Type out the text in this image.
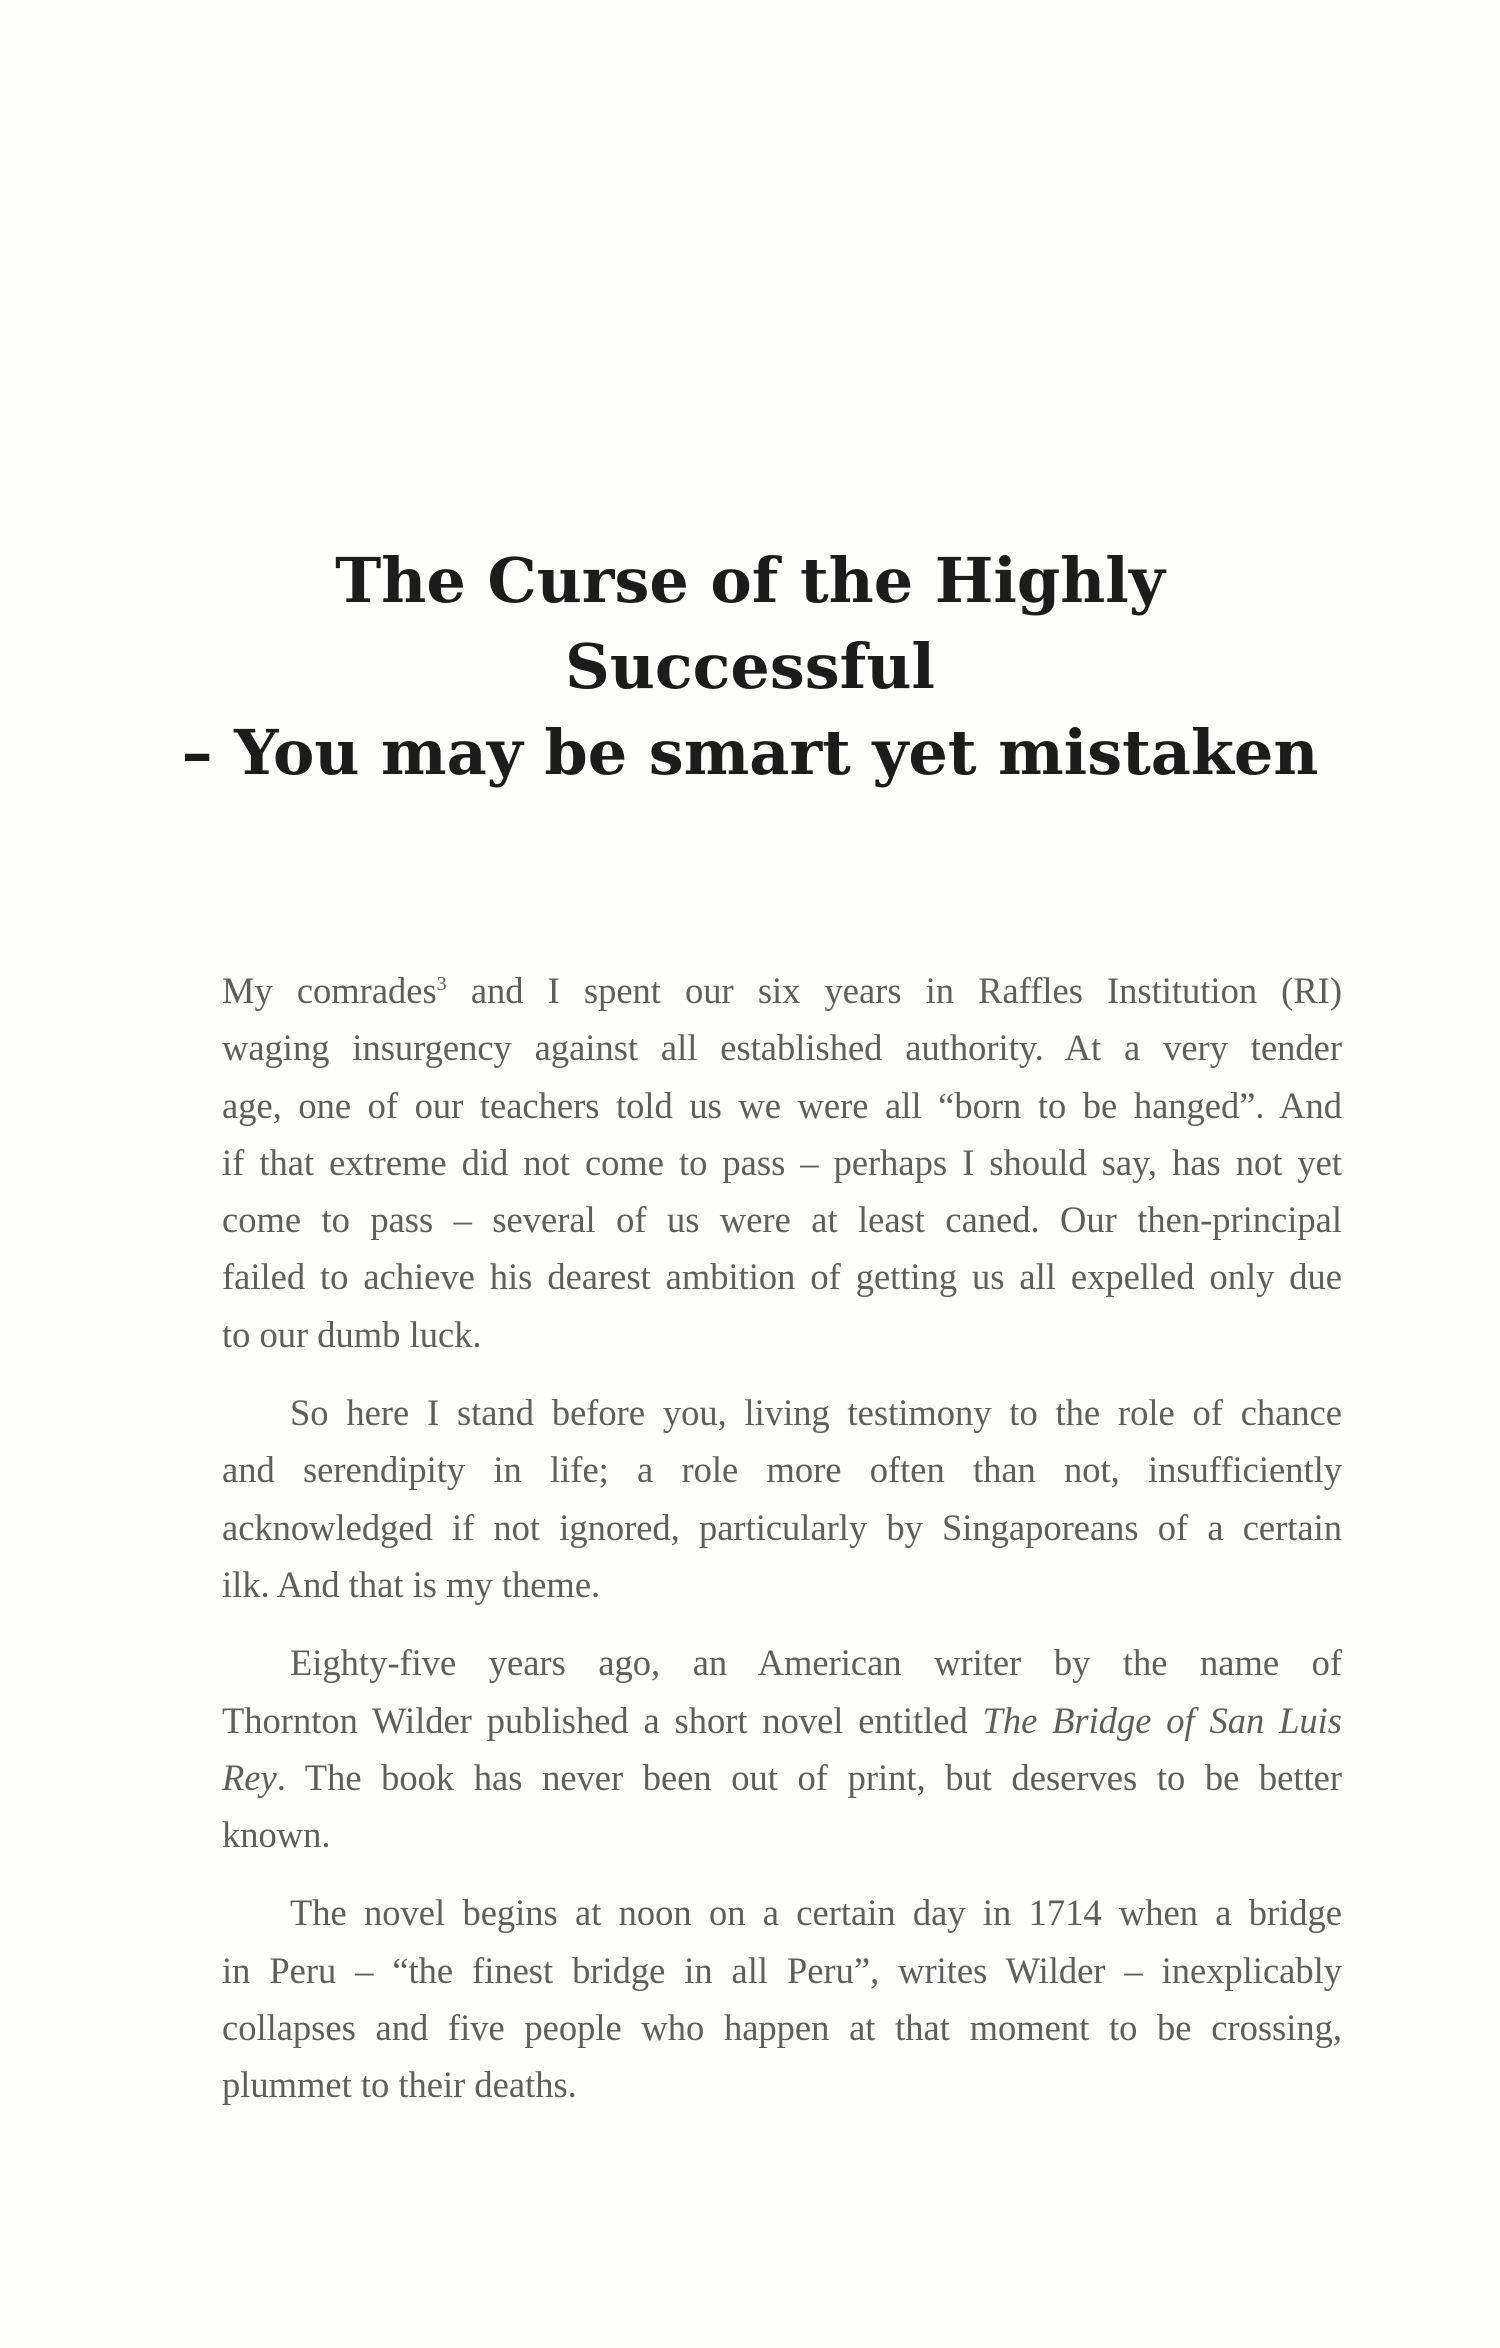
The Curse of the Highly Successful
– You may be smart yet mistaken

My comrades$^3$ and I spent our six years in Raffles Institution (RI)
waging insurgency against all established authority. At a very tender
age, one of our teachers told us we were all “born to be hanged”. And
if that extreme did not come to pass – perhaps I should say, has not yet
come to pass – several of us were at least caned. Our then-principal
failed to achieve his dearest ambition of getting us all expelled only due
to our dumb luck.

So here I stand before you, living testimony to the role of chance
and serendipity in life; a role more often than not, insufficiently
acknowledged if not ignored, particularly by Singaporeans of a certain
ilk. And that is my theme.

Eighty-five years ago, an American writer by the name of
Thornton Wilder published a short novel entitled The Bridge of San Luis
Rey. The book has never been out of print, but deserves to be better
known.

The novel begins at noon on a certain day in 1714 when a bridge
in Peru – “the finest bridge in all Peru”, writes Wilder – inexplicably
collapses and five people who happen at that moment to be crossing,
plummet to their deaths.
